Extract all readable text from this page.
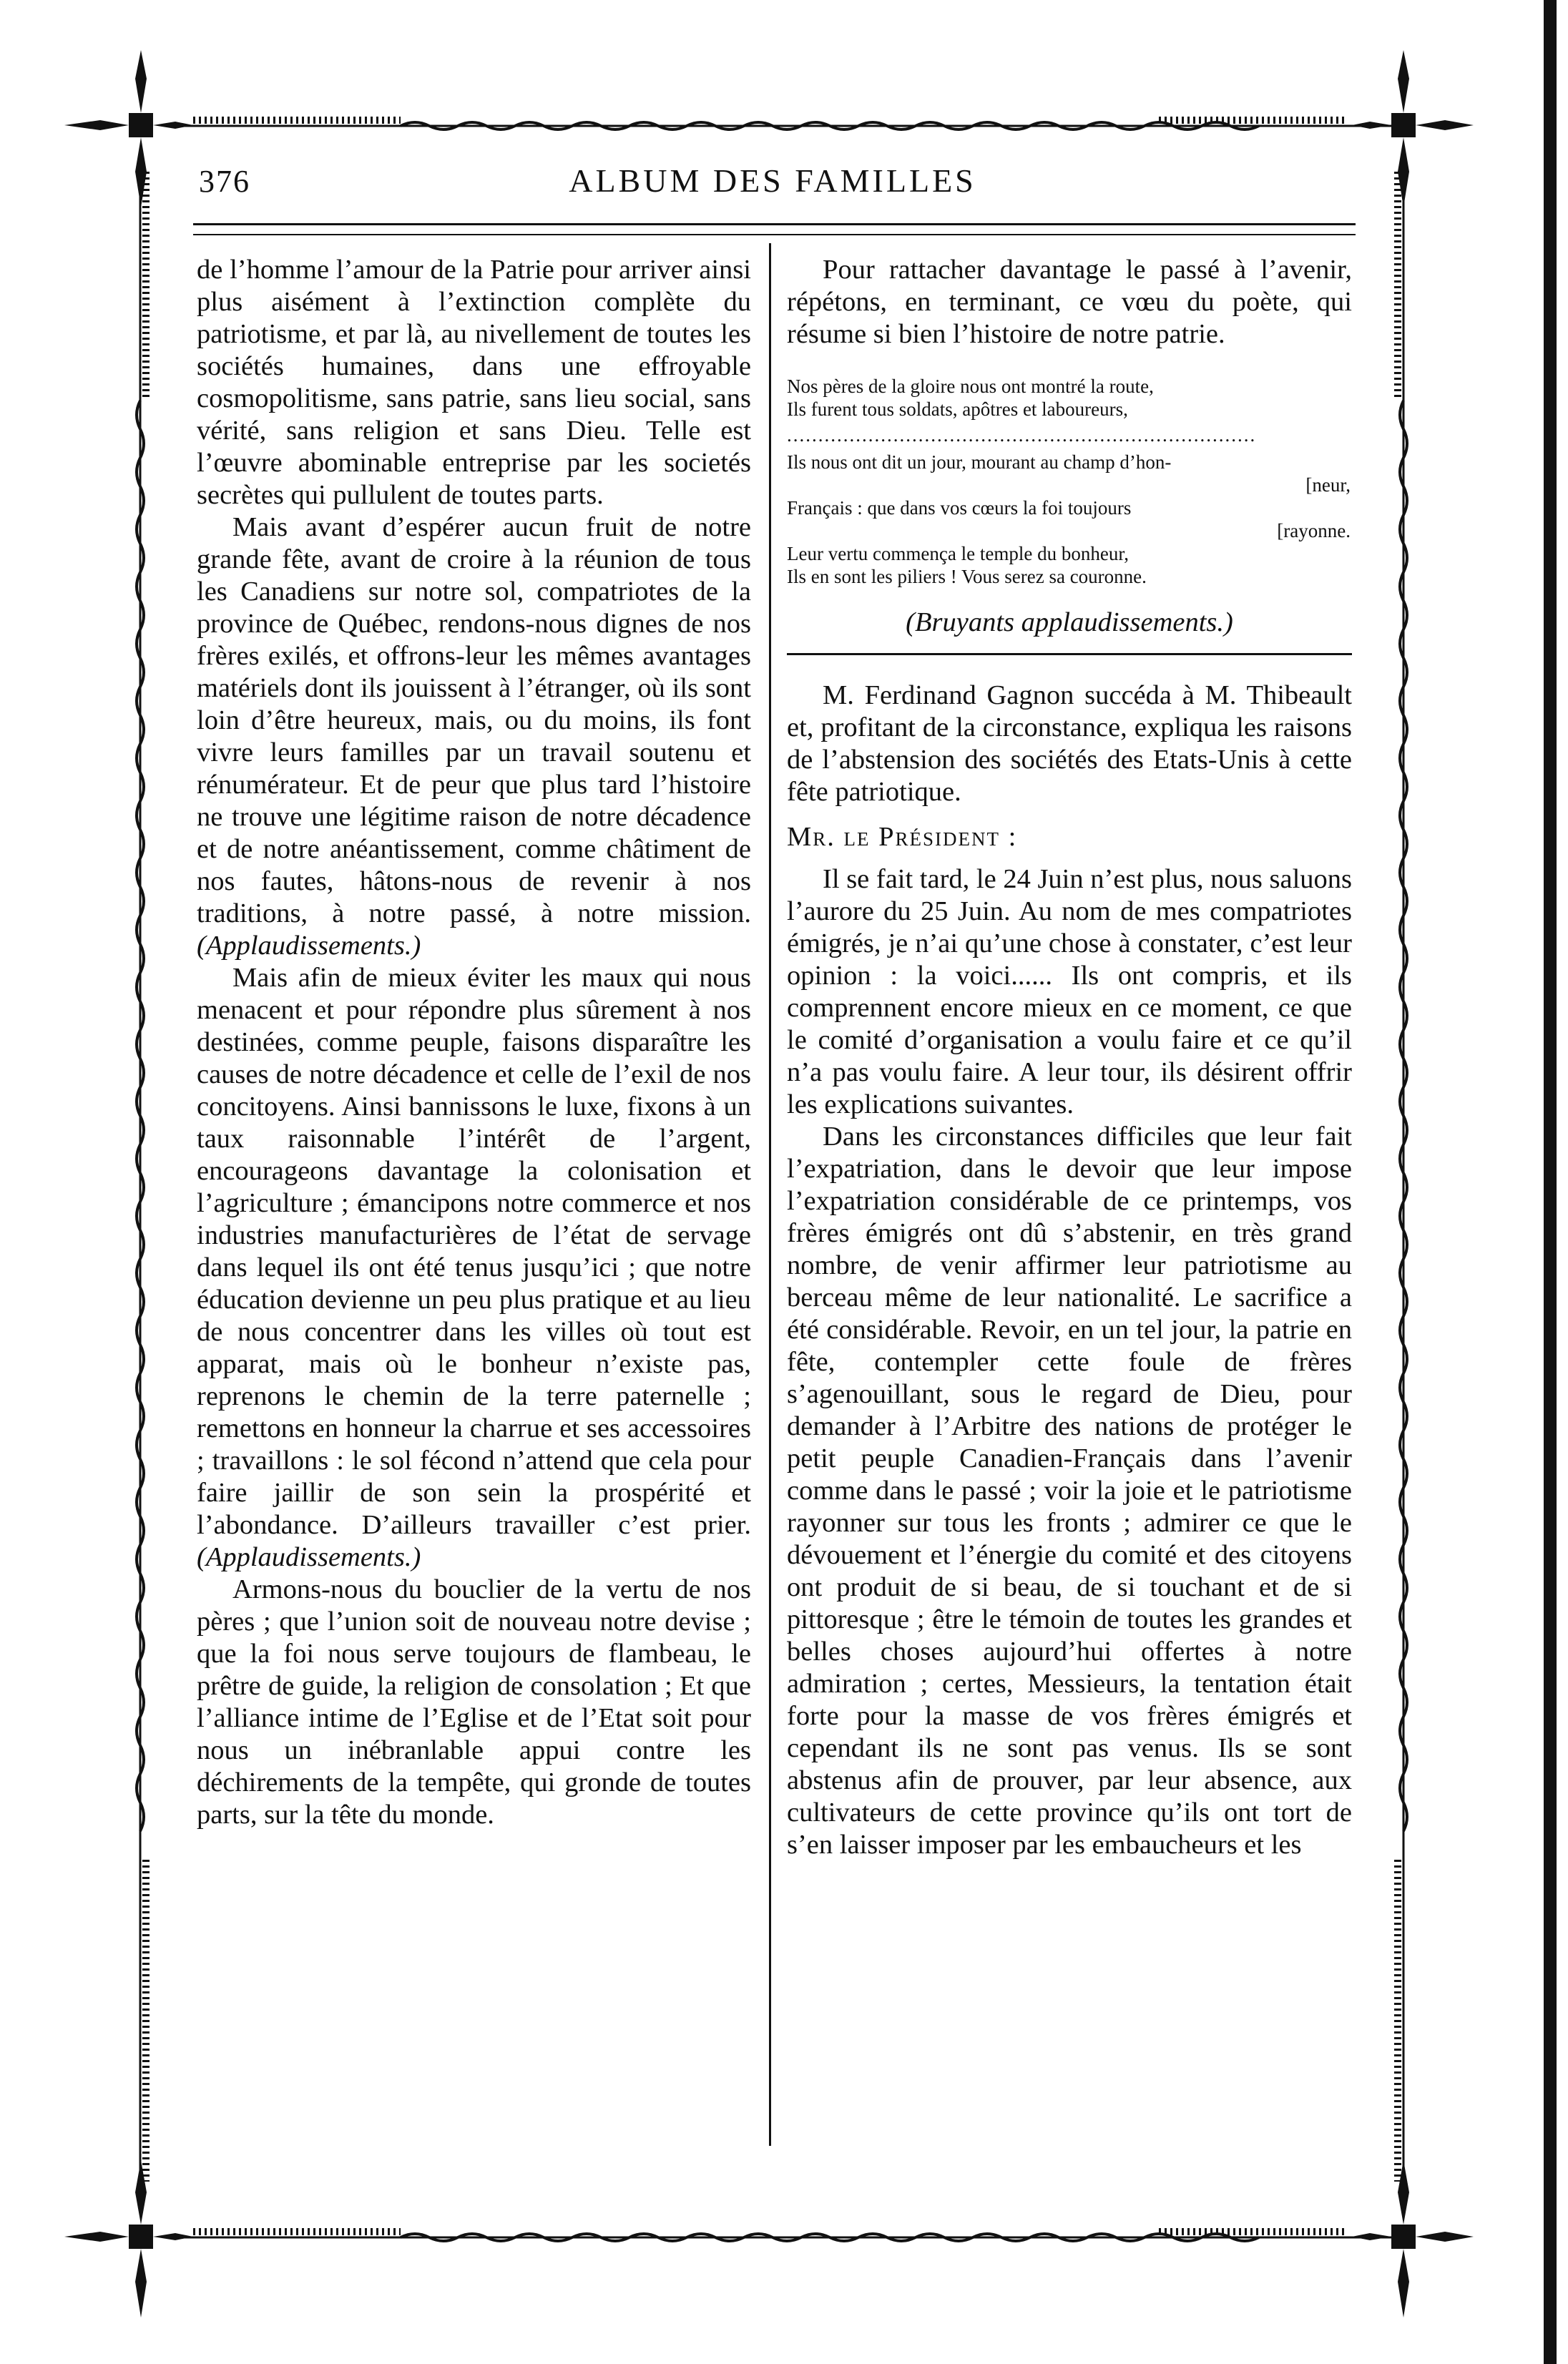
376	ALBUM DES FAMILLES

de l’homme l’amour de la Patrie pour arriver ainsi plus aisément à l’extinction complète du patriotisme, et par là, au nivellement de toutes les sociétés humaines, dans une effroyable cosmopolitisme, sans patrie, sans lieu social, sans vérité, sans religion et sans Dieu. Telle est l’œuvre abominable entreprise par les societés secrètes qui pullulent de toutes parts.

Mais avant d’espérer aucun fruit de notre grande fête, avant de croire à la réunion de tous les Canadiens sur notre sol, compatriotes de la province de Québec, rendons-nous dignes de nos frères exilés, et offrons-leur les mêmes avantages matériels dont ils jouissent à l’étranger, où ils sont loin d’être heureux, mais, ou du moins, ils font vivre leurs familles par un travail soutenu et rénumérateur. Et de peur que plus tard l’histoire ne trouve une légitime raison de notre décadence et de notre anéantissement, comme châtiment de nos fautes, hâtons-nous de revenir à nos traditions, à notre passé, à notre mission. (Applaudissements.)

Mais afin de mieux éviter les maux qui nous menacent et pour répondre plus sûrement à nos destinées, comme peuple, faisons disparaître les causes de notre décadence et celle de l’exil de nos concitoyens. Ainsi bannissons le luxe, fixons à un taux raisonnable l’intérêt de l’argent, encourageons davantage la colonisation et l’agriculture ; émancipons notre commerce et nos industries manufacturières de l’état de servage dans lequel ils ont été tenus jusqu’ici ; que notre éducation devienne un peu plus pratique et au lieu de nous concentrer dans les villes où tout est apparat, mais où le bonheur n’existe pas, reprenons le chemin de la terre paternelle ; remettons en honneur la charrue et ses accessoires ; travaillons : le sol fécond n’attend que cela pour faire jaillir de son sein la prospérité et l’abondance. D’ailleurs travailler c’est prier. (Applaudissements.)

Armons-nous du bouclier de la vertu de nos pères ; que l’union soit de nouveau notre devise ; que la foi nous serve toujours de flambeau, le prêtre de guide, la religion de consolation ; Et que l’alliance intime de l’Eglise et de l’Etat soit pour nous un inébranlable appui contre les déchirements de la tempête, qui gronde de toutes parts, sur la tête du monde.

Pour rattacher davantage le passé à l’avenir, répétons, en terminant, ce vœu du poète, qui résume si bien l’histoire de notre patrie.

Nos pères de la gloire nous ont montré la route,
Ils furent tous soldats, apôtres et laboureurs,
...........................................................................
Ils nous ont dit un jour, mourant au champ d’hon-
[neur,
Français : que dans vos cœurs la foi toujours
[rayonne.
Leur vertu commença le temple du bonheur,
Ils en sont les piliers ! Vous serez sa couronne.
(Bruyants applaudissements.)

M. Ferdinand Gagnon succéda à M. Thibeault et, profitant de la circonstance, expliqua les raisons de l’abstension des sociétés des Etats-Unis à cette fête patriotique.

Mr. le Président :

Il se fait tard, le 24 Juin n’est plus, nous saluons l’aurore du 25 Juin. Au nom de mes compatriotes émigrés, je n’ai qu’une chose à constater, c’est leur opinion : la voici...... Ils ont compris, et ils comprennent encore mieux en ce moment, ce que le comité d’organisation a voulu faire et ce qu’il n’a pas voulu faire. A leur tour, ils désirent offrir les explications suivantes.

Dans les circonstances difficiles que leur fait l’expatriation, dans le devoir que leur impose l’expatriation considérable de ce printemps, vos frères émigrés ont dû s’abstenir, en très grand nombre, de venir affirmer leur patriotisme au berceau même de leur nationalité. Le sacrifice a été considérable. Revoir, en un tel jour, la patrie en fête, contempler cette foule de frères s’agenouillant, sous le regard de Dieu, pour demander à l’Arbitre des nations de protéger le petit peuple Canadien-Français dans l’avenir comme dans le passé ; voir la joie et le patriotisme rayonner sur tous les fronts ; admirer ce que le dévouement et l’énergie du comité et des citoyens ont produit de si beau, de si touchant et de si pittoresque ; être le témoin de toutes les grandes et belles choses aujourd’hui offertes à notre admiration ; certes, Messieurs, la tentation était forte pour la masse de vos frères émigrés et cependant ils ne sont pas venus. Ils se sont abstenus afin de prouver, par leur absence, aux cultivateurs de cette province qu’ils ont tort de s’en laisser imposer par les embaucheurs et les
